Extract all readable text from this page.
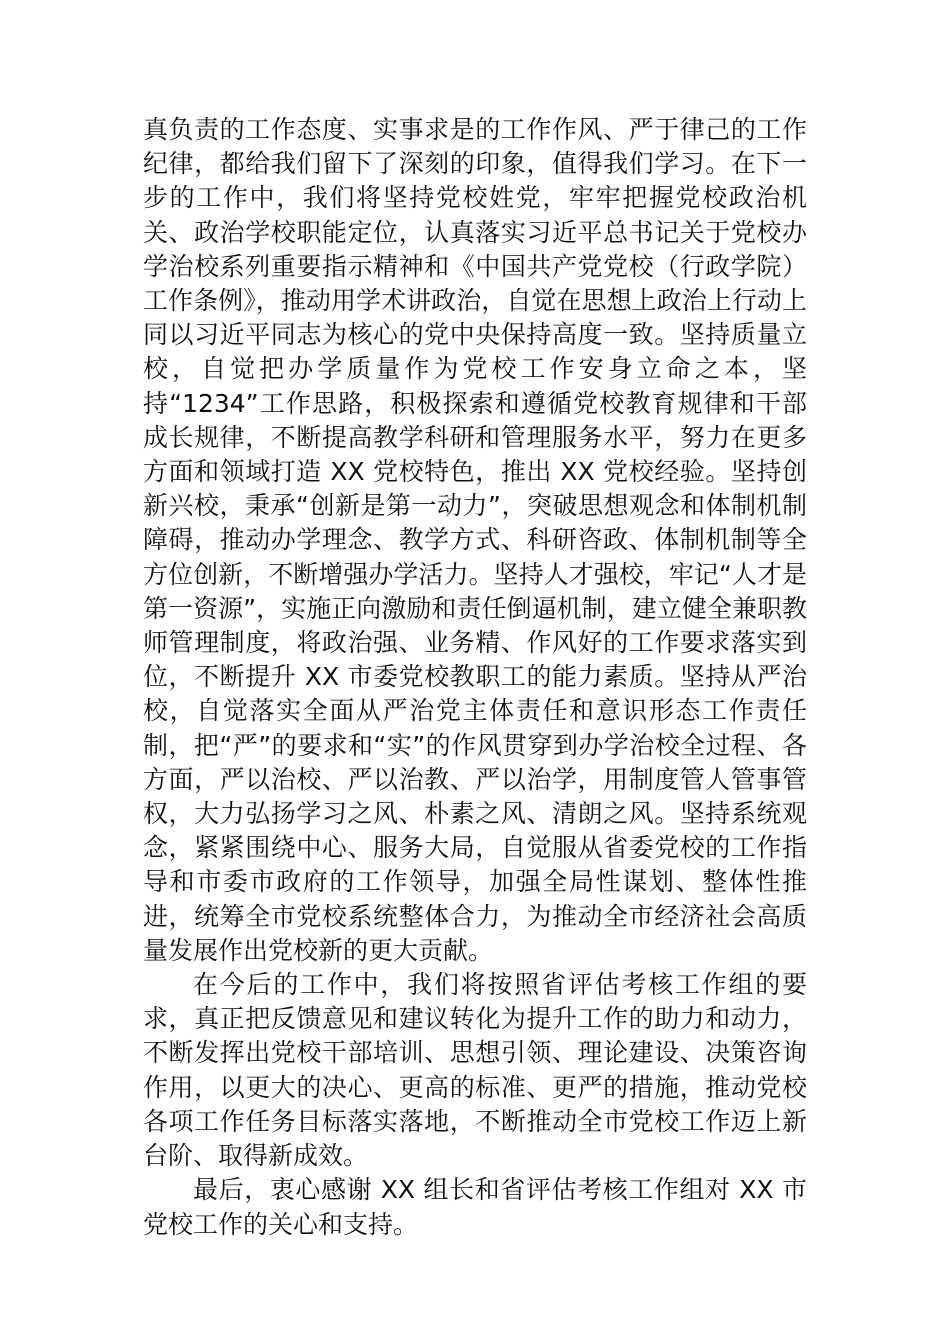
真负责的工作态度、实事求是的工作作风、严于律己的工作纪律，都给我们留下了深刻的印象，值得我们学习。在下一步的工作中，我们将坚持党校姓党，牢牢把握党校政治机关、政治学校职能定位，认真落实习近平总书记关于党校办学治校系列重要指示精神和《中国共产党党校（行政学院）工作条例》，推动用学术讲政治，自觉在思想上政治上行动上同以习近平同志为核心的党中央保持高度一致。坚持质量立校，自觉把办学质量作为党校工作安身立命之本，坚持“1234”工作思路，积极探索和遵循党校教育规律和干部成长规律，不断提高教学科研和管理服务水平，努力在更多方面和领域打造 XX 党校特色，推出 XX 党校经验。坚持创新兴校，秉承“创新是第一动力”，突破思想观念和体制机制障碍，推动办学理念、教学方式、科研咨政、体制机制等全方位创新，不断增强办学活力。坚持人才强校，牢记“人才是第一资源”，实施正向激励和责任倒逼机制，建立健全兼职教师管理制度，将政治强、业务精、作风好的工作要求落实到位，不断提升 XX 市委党校教职工的能力素质。坚持从严治校，自觉落实全面从严治党主体责任和意识形态工作责任制，把“严”的要求和“实”的作风贯穿到办学治校全过程、各方面，严以治校、严以治教、严以治学，用制度管人管事管权，大力弘扬学习之风、朴素之风、清朗之风。坚持系统观念，紧紧围绕中心、服务大局，自觉服从省委党校的工作指导和市委市政府的工作领导，加强全局性谋划、整体性推进，统筹全市党校系统整体合力，为推动全市经济社会高质量发展作出党校新的更大贡献。

在今后的工作中，我们将按照省评估考核工作组的要求，真正把反馈意见和建议转化为提升工作的助力和动力，不断发挥出党校干部培训、思想引领、理论建设、决策咨询作用，以更大的决心、更高的标准、更严的措施，推动党校各项工作任务目标落实落地，不断推动全市党校工作迈上新台阶、取得新成效。

最后，衷心感谢 XX 组长和省评估考核工作组对 XX 市党校工作的关心和支持。
